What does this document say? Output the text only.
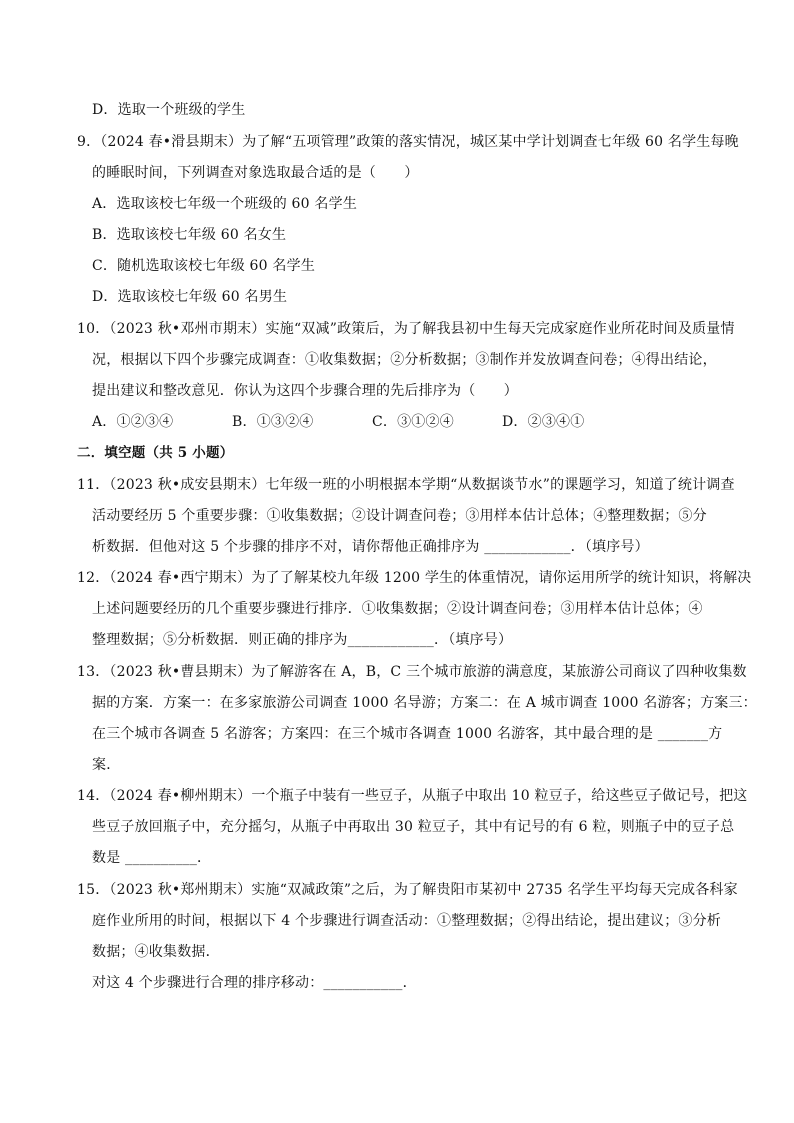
D．选取一个班级的学生
9．（2024 春•滑县期末）为了解“五项管理”政策的落实情况，城区某中学计划调查七年级 60 名学生每晚
的睡眠时间，下列调查对象选取最合适的是（　　）
A．选取该校七年级一个班级的 60 名学生
B．选取该校七年级 60 名女生
C．随机选取该校七年级 60 名学生
D．选取该校七年级 60 名男生
10．（2023 秋•邓州市期末）实施“双减”政策后，为了解我县初中生每天完成家庭作业所花时间及质量情
况，根据以下四个步骤完成调查：①收集数据；②分析数据；③制作并发放调查问卷；④得出结论，
提出建议和整改意见．你认为这四个步骤合理的先后排序为（　　）
A．①②③④	B．①③②④	C．③①②④	D．②③④①
二．填空题（共 5 小题）
11．（2023 秋•成安县期末）七年级一班的小明根据本学期“从数据谈节水”的课题学习，知道了统计调查
活动要经历 5 个重要步骤：①收集数据；②设计调查问卷；③用样本估计总体；④整理数据；⑤分
析数据．但他对这 5 个步骤的排序不对，请你帮他正确排序为 ____________．（填序号）
12．（2024 春•西宁期末）为了了解某校九年级 1200 学生的体重情况，请你运用所学的统计知识，将解决
上述问题要经历的几个重要步骤进行排序．①收集数据；②设计调查问卷；③用样本估计总体；④
整理数据；⑤分析数据．则正确的排序为____________．（填序号）
13．（2023 秋•曹县期末）为了解游客在 A，B，C 三个城市旅游的满意度，某旅游公司商议了四种收集数
据的方案．方案一：在多家旅游公司调查 1000 名导游；方案二：在 A 城市调查 1000 名游客；方案三：
在三个城市各调查 5 名游客；方案四：在三个城市各调查 1000 名游客，其中最合理的是 _______方
案．
14．（2024 春•柳州期末）一个瓶子中装有一些豆子，从瓶子中取出 10 粒豆子，给这些豆子做记号，把这
些豆子放回瓶子中，充分摇匀，从瓶子中再取出 30 粒豆子，其中有记号的有 6 粒，则瓶子中的豆子总
数是 __________．
15．（2023 秋•郑州期末）实施“双减政策”之后，为了解贵阳市某初中 2735 名学生平均每天完成各科家
庭作业所用的时间，根据以下 4 个步骤进行调查活动：①整理数据；②得出结论，提出建议；③分析
数据；④收集数据．
对这 4 个步骤进行合理的排序移动：___________．
